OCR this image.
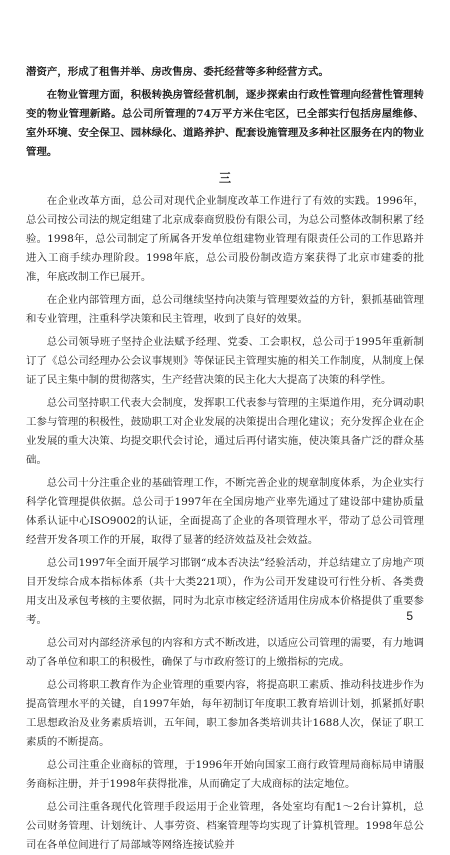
潜资产，形成了租售并举、房改售房、委托经营等多种经营方式。

在物业管理方面，积极转换房管经营机制，逐步探索由行政性管理向经营性管理转变的物业管理新路。总公司所管理的74万平方米住宅区，已全部实行包括房屋维修、室外环境、安全保卫、园林绿化、道路养护、配套设施管理及多种社区服务在内的物业管理。

三

在企业改革方面，总公司对现代企业制度改革工作进行了有效的实践。1996年，总公司按公司法的规定组建了北京成泰商贸股份有限公司，为总公司整体改制积累了经验。1998年，总公司制定了所属各开发单位组建物业管理有限责任公司的工作思路并进入工商手续办理阶段。1998年底，总公司股份制改造方案获得了北京市建委的批准，年底改制工作已展开。

在企业内部管理方面，总公司继续坚持向决策与管理要效益的方针，狠抓基础管理和专业管理，注重科学决策和民主管理，收到了良好的效果。

总公司领导班子坚持企业法赋予经理、党委、工会职权，总公司于1995年重新制订了《总公司经理办公会议事规则》等保证民主管理实施的相关工作制度，从制度上保证了民主集中制的贯彻落实，生产经营决策的民主化大大提高了决策的科学性。

总公司坚持职工代表大会制度，发挥职工代表参与管理的主渠道作用，充分调动职工参与管理的积极性，鼓励职工对企业发展的决策提出合理化建议；充分发挥企业在企业发展的重大决策、均提交职代会讨论，通过后再付诸实施，使决策具备广泛的群众基础。

总公司十分注重企业的基础管理工作，不断完善企业的规章制度体系，为企业实行科学化管理提供依据。总公司于1997年在全国房地产业率先通过了建设部中建协质量体系认证中心ISO9002的认证，全面提高了企业的各项管理水平，带动了总公司管理经营开发各项工作的开展，取得了显著的经济效益及社会效益。

总公司1997年全面开展学习邯钢“成本否决法”经验活动，并总结建立了房地产项目开发综合成本指标体系（共十大类221项），作为公司开发建设可行性分析、各类费用支出及承包考核的主要依据，同时为北京市核定经济适用住房成本价格提供了重要参考。

总公司对内部经济承包的内容和方式不断改进，以适应公司管理的需要，有力地调动了各单位和职工的积极性，确保了与市政府签订的上缴指标的完成。

总公司将职工教育作为企业管理的重要内容，将提高职工素质、推动科技进步作为提高管理水平的关键，自1997年始，每年初制订年度职工教育培训计划，抓紧抓好职工思想政治及业务素质培训，五年间，职工参加各类培训共计1688人次，保证了职工素质的不断提高。

总公司注重企业商标的管理，于1996年开始向国家工商行政管理局商标局申请服务商标注册，并于1998年获得批准，从而确定了大成商标的法定地位。

总公司注重各现代化管理手段运用于企业管理，各处室均有配1～2台计算机，总公司财务管理、计划统计、人事劳资、档案管理等均实现了计算机管理。1998年总公司在各单位间进行了局部域等网络连接试验并

5
